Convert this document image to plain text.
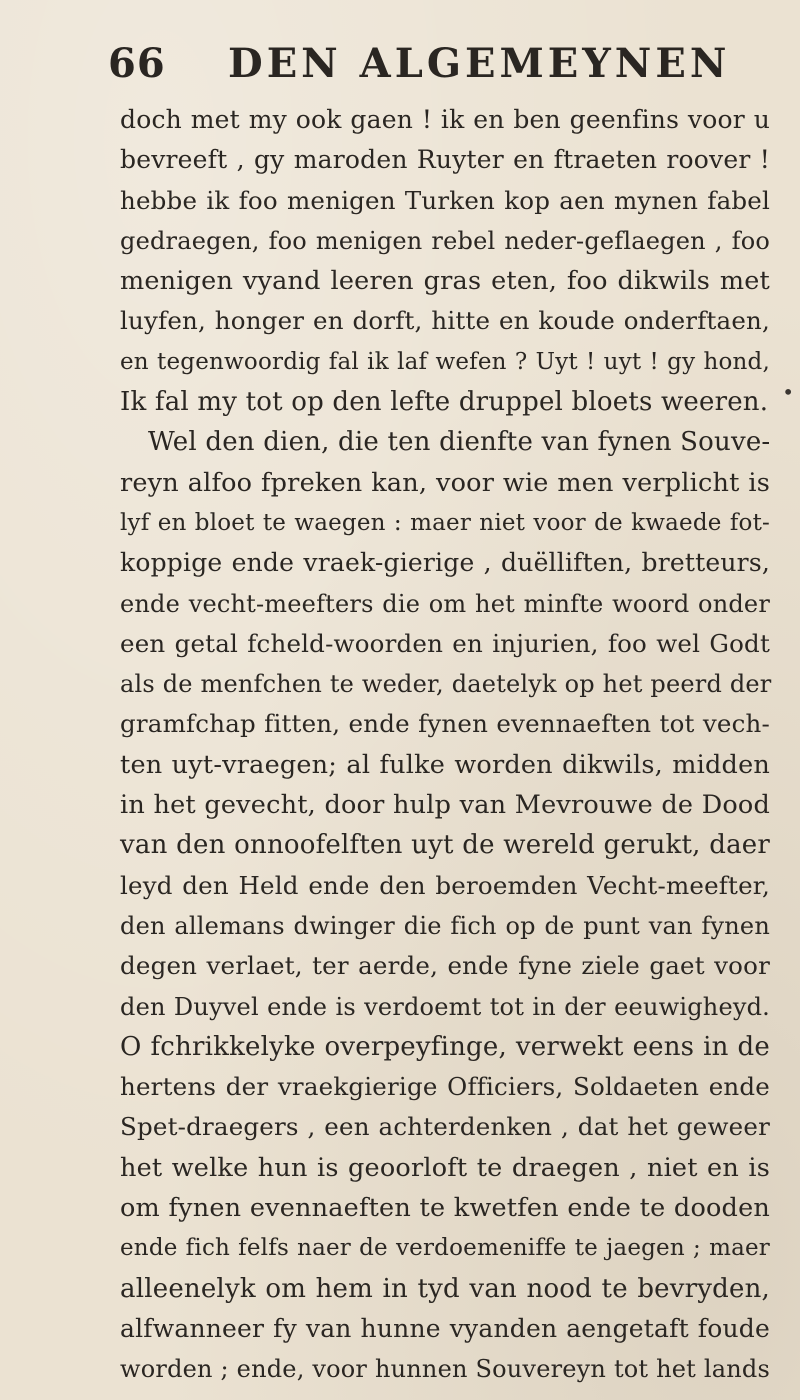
66	DEN ALGEMEYNEN
doch met my ook gaen ! ik en ben geenfins voor u
bevreeft , gy maroden Ruyter en ftraeten roover !
hebbe ik foo menigen Turken kop aen mynen fabel
gedraegen, foo menigen rebel neder-geflaegen , foo
menigen vyand leeren gras eten, foo dikwils met
luyfen, honger en dorft, hitte en koude onderftaen,
en tegenwoordig fal ik laf wefen ? Uyt ! uyt ! gy hond,
Ik fal my tot op den lefte druppel bloets weeren.
Wel den dien, die ten dienfte van fynen Souve-
reyn alfoo fpreken kan, voor wie men verplicht is
lyf en bloet te waegen : maer niet voor de kwaede fot-
koppige ende vraek-gierige , duëlliften, bretteurs,
ende vecht-meefters die om het minfte woord onder
een getal fcheld-woorden en injurien, foo wel Godt
als de menfchen te weder, daetelyk op het peerd der
gramfchap fitten, ende fynen evennaeften tot vech-
ten uyt-vraegen; al fulke worden dikwils, midden
in het gevecht, door hulp van Mevrouwe de Dood
van den onnoofelften uyt de wereld gerukt, daer
leyd den Held ende den beroemden Vecht-meefter,
den allemans dwinger die fich op de punt van fynen
degen verlaet, ter aerde, ende fyne ziele gaet voor
den Duyvel ende is verdoemt tot in der eeuwigheyd.
O fchrikkelyke overpeyfinge, verwekt eens in de
hertens der vraekgierige Officiers, Soldaeten ende
Spet-draegers , een achterdenken , dat het geweer
het welke hun is geoorloft te draegen , niet en is
om fynen evennaeften te kwetfen ende te dooden
ende fich felfs naer de verdoemeniffe te jaegen ; maer
alleenelyk om hem in tyd van nood te bevryden,
alfwanneer fy van hunne vyanden aengetaft foude
worden ; ende, voor hunnen Souvereyn tot het lands
•
